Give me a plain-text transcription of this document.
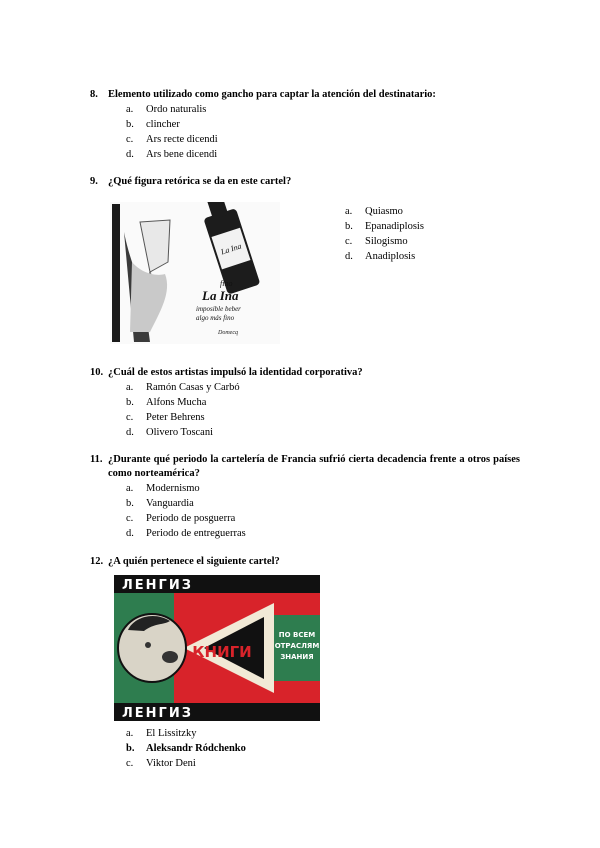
8. Elemento utilizado como gancho para captar la atención del destinatario:
a.	Ordo naturalis
b.	clincher
c.	Ars recte dicendi
d.	Ars bene dicendi
9. ¿Qué figura retórica se da en este cartel?
La Ina
fino
La Ina
imposible beber
algo más fino
Domecq
a.	Quiasmo
b.	Epanadiplosis
c.	Silogismo
d.	Anadiplosis
10. ¿Cuál de estos artistas impulsó la identidad corporativa?
a.	Ramón Casas y Carbó
b.	Alfons Mucha
c.	Peter Behrens
d.	Olivero Toscani
11. ¿Durante qué periodo la cartelería de Francia sufrió cierta decadencia frente a otros países como norteamérica?
a.	Modernismo
b.	Vanguardia
c.	Periodo de posguerra
d.	Periodo de entreguerras
12. ¿A quién pertenece el siguiente cartel?
ЛЕНГИЗ
КНИГИ
ПО ВСЕМ
ОТРАСЛЯМ
ЗНАНИЯ
ЛЕНГИЗ
a.	El Lissitzky
b.	Aleksandr Ródchenko
c.	Viktor Deni
